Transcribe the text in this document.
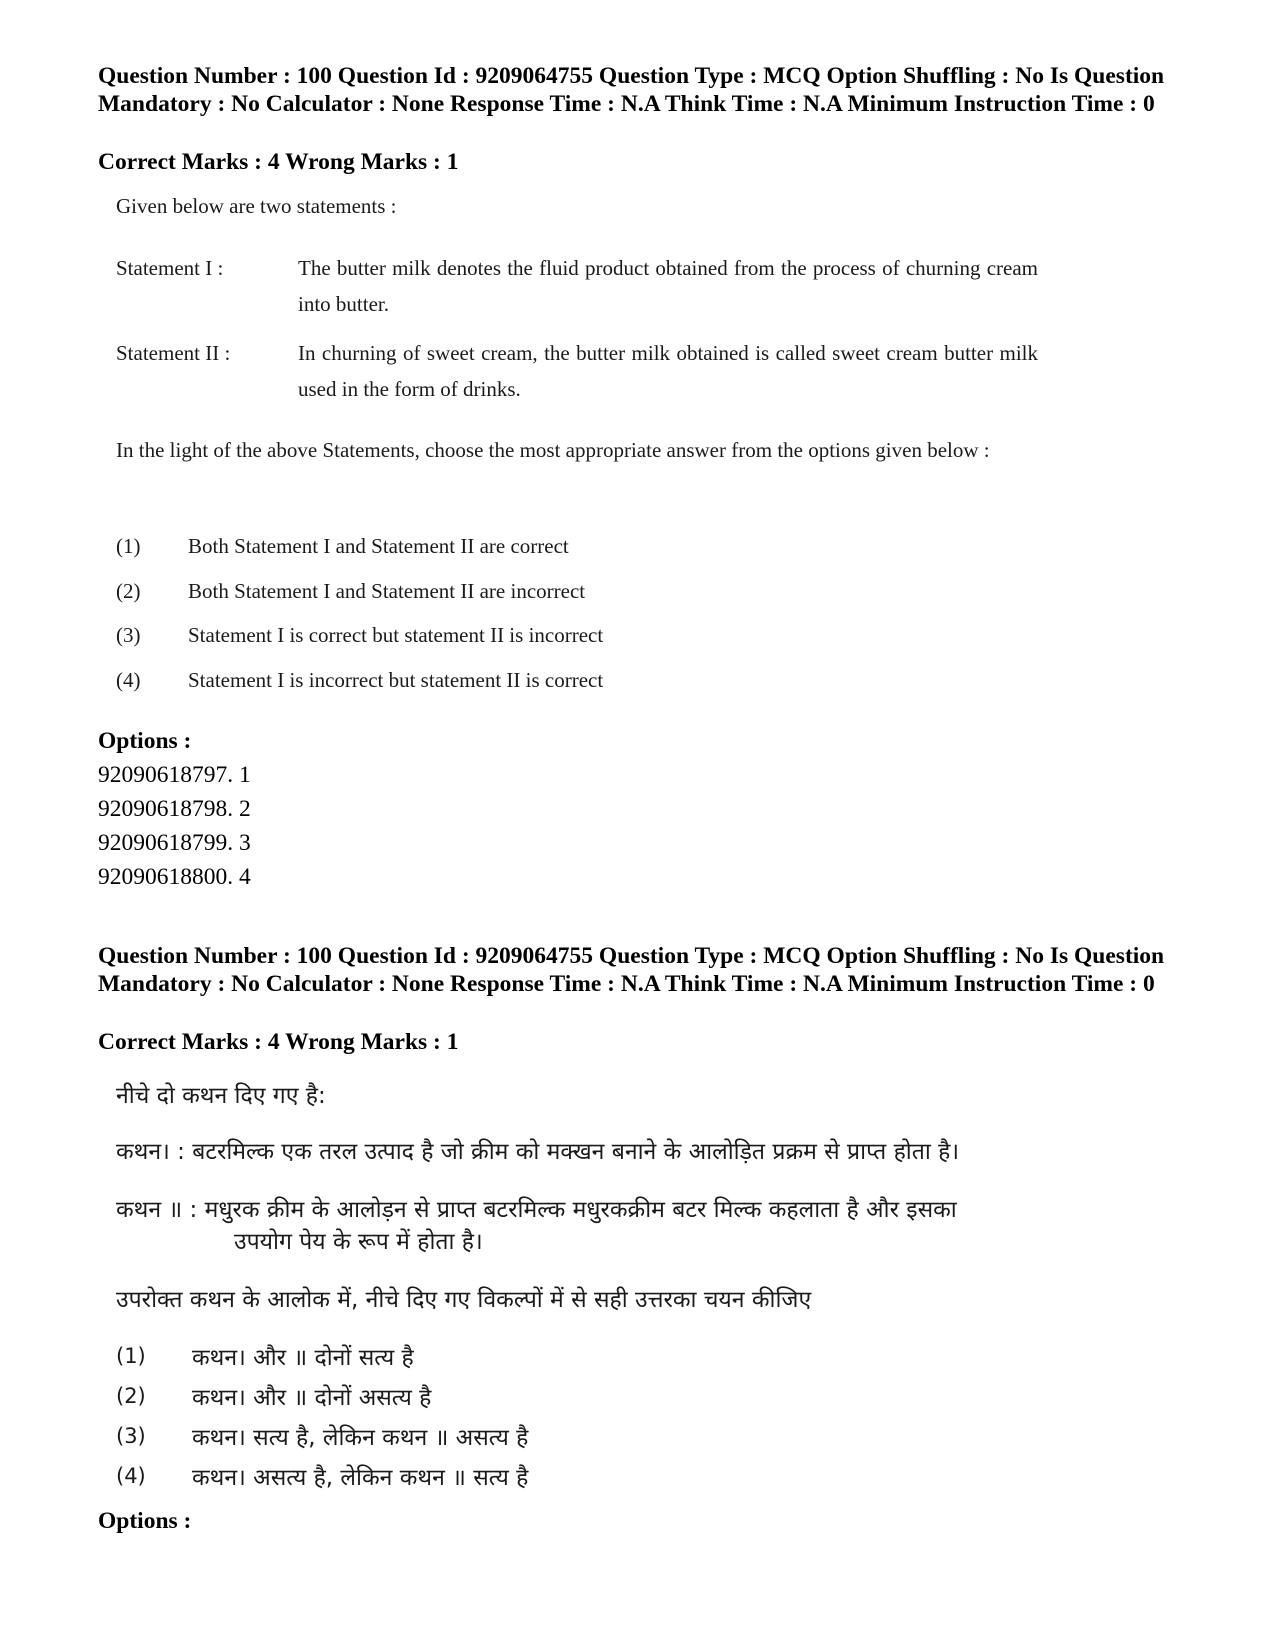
Question Number : 100 Question Id : 9209064755 Question Type : MCQ Option Shuffling : No Is Question Mandatory : No Calculator : None Response Time : N.A Think Time : N.A Minimum Instruction Time : 0
Correct Marks : 4 Wrong Marks : 1
Given below are two statements :
Statement I :	The butter milk denotes the fluid product obtained from the process of churning cream into butter.
Statement II :	In churning of sweet cream, the butter milk obtained is called sweet cream butter milk used in the form of drinks.
In the light of the above Statements, choose the most appropriate answer from the options given below :
(1) Both Statement I and Statement II are correct
(2) Both Statement I and Statement II are incorrect
(3) Statement I is correct but statement II is incorrect
(4) Statement I is incorrect but statement II is correct
Options :
92090618797. 1
92090618798. 2
92090618799. 3
92090618800. 4
Question Number : 100 Question Id : 9209064755 Question Type : MCQ Option Shuffling : No Is Question Mandatory : No Calculator : None Response Time : N.A Think Time : N.A Minimum Instruction Time : 0
Correct Marks : 4 Wrong Marks : 1
नीचे दो कथन दिए गए है:
कथन। : बटरमिल्क एक तरल उत्पाद है जो क्रीम को मक्खन बनाने के आलोड़ित प्रक्रम से प्राप्त होता है।
कथन ॥ : मधुरक क्रीम के आलोड़न से प्राप्त बटरमिल्क मधुरकक्रीम बटर मिल्क कहलाता है और इसका
उपयोग पेय के रूप में होता है।
उपरोक्त कथन के आलोक में, नीचे दिए गए विकल्पों में से सही उत्तरका चयन कीजिए
(1) कथन। और ॥ दोनों सत्य है
(2) कथन। और ॥ दोनों असत्य है
(3) कथन। सत्य है, लेकिन कथन ॥ असत्य है
(4) कथन। असत्य है, लेकिन कथन ॥ सत्य है
Options :
